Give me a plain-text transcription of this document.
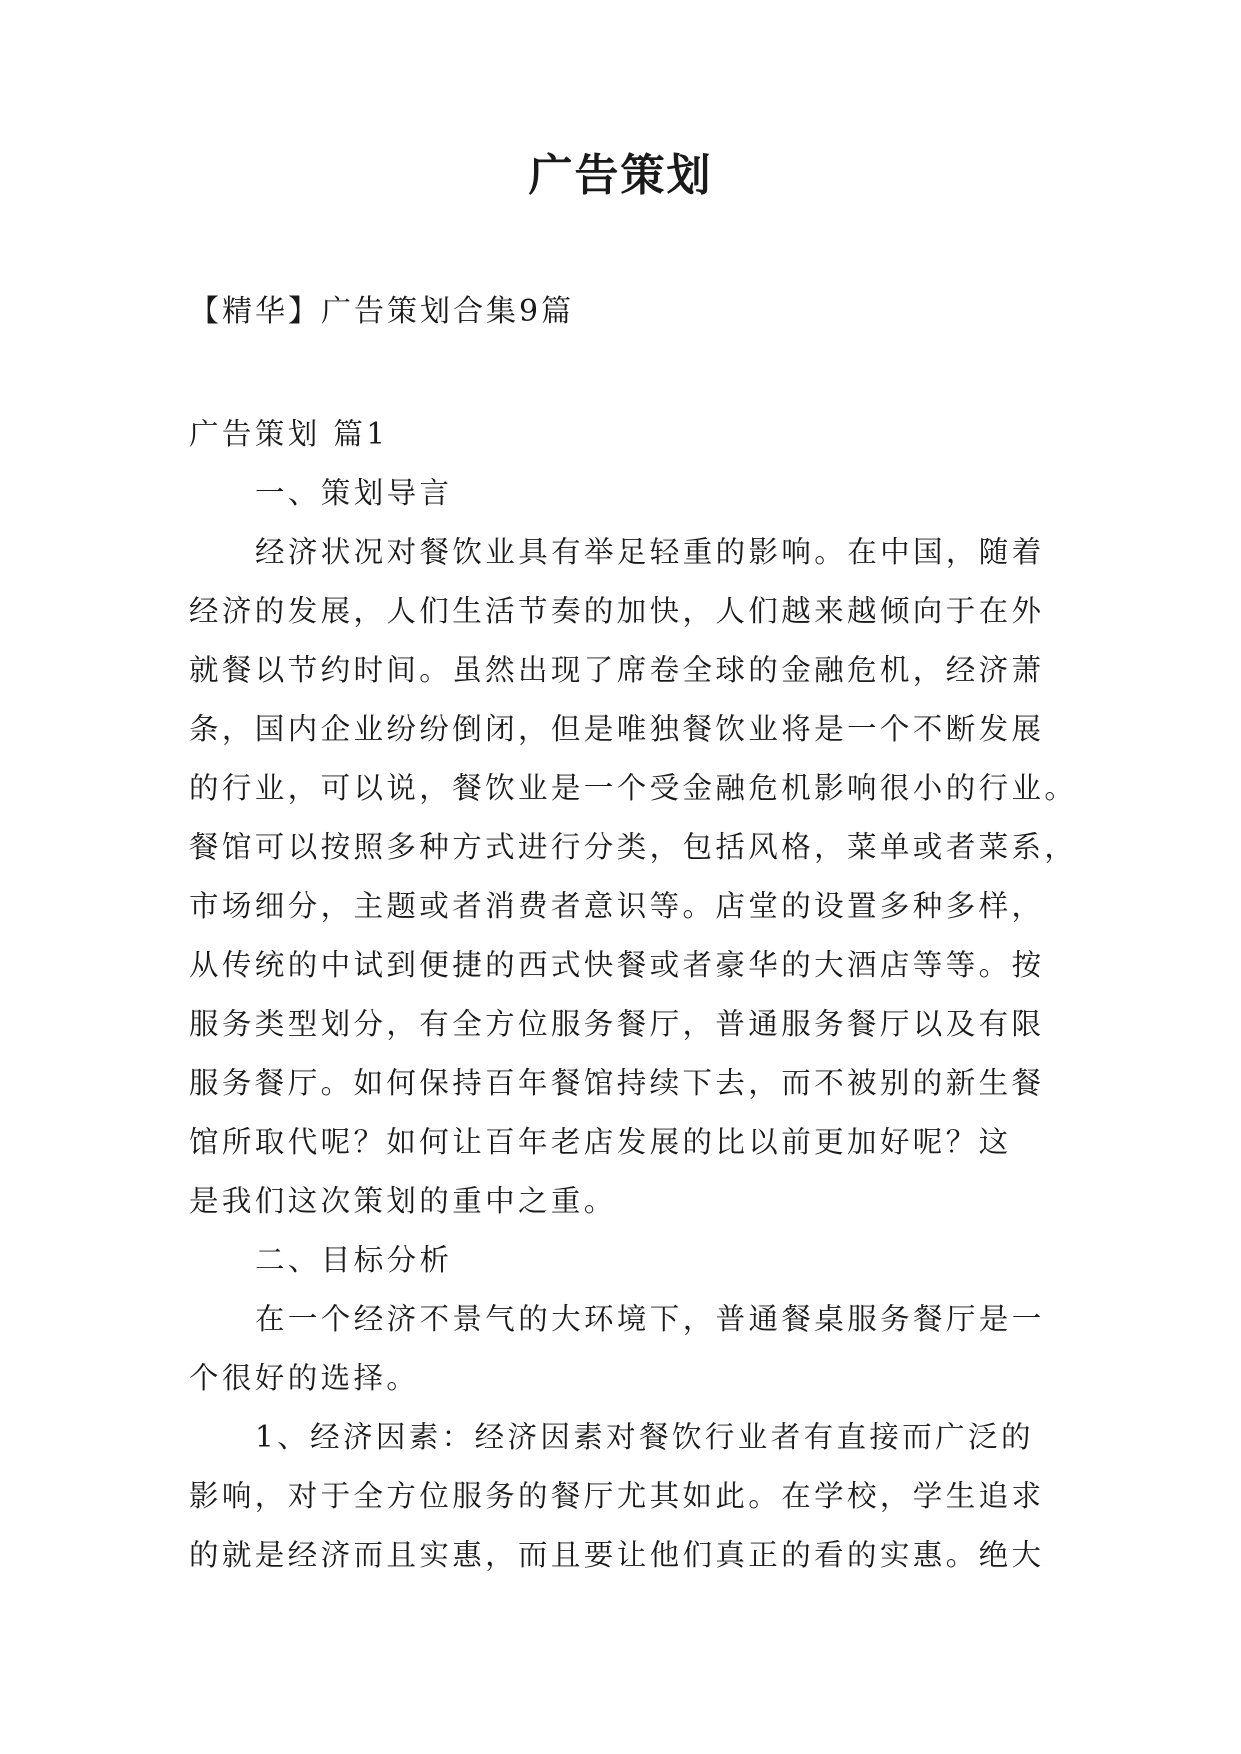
广告策划
【精华】广告策划合集9篇
广告策划 篇1
一、策划导言
经济状况对餐饮业具有举足轻重的影响。在中国，随着
经济的发展，人们生活节奏的加快，人们越来越倾向于在外
就餐以节约时间。虽然出现了席卷全球的金融危机，经济萧
条，国内企业纷纷倒闭，但是唯独餐饮业将是一个不断发展
的行业，可以说，餐饮业是一个受金融危机影响很小的行业。
餐馆可以按照多种方式进行分类，包括风格，菜单或者菜系，
市场细分，主题或者消费者意识等。店堂的设置多种多样，
从传统的中试到便捷的西式快餐或者豪华的大酒店等等。按
服务类型划分，有全方位服务餐厅，普通服务餐厅以及有限
服务餐厅。如何保持百年餐馆持续下去，而不被别的新生餐
馆所取代呢？如何让百年老店发展的比以前更加好呢？这
是我们这次策划的重中之重。
二、目标分析
在一个经济不景气的大环境下，普通餐桌服务餐厅是一
个很好的选择。
1、经济因素：经济因素对餐饮行业者有直接而广泛的
影响，对于全方位服务的餐厅尤其如此。在学校，学生追求
的就是经济而且实惠，而且要让他们真正的看的实惠。绝大
